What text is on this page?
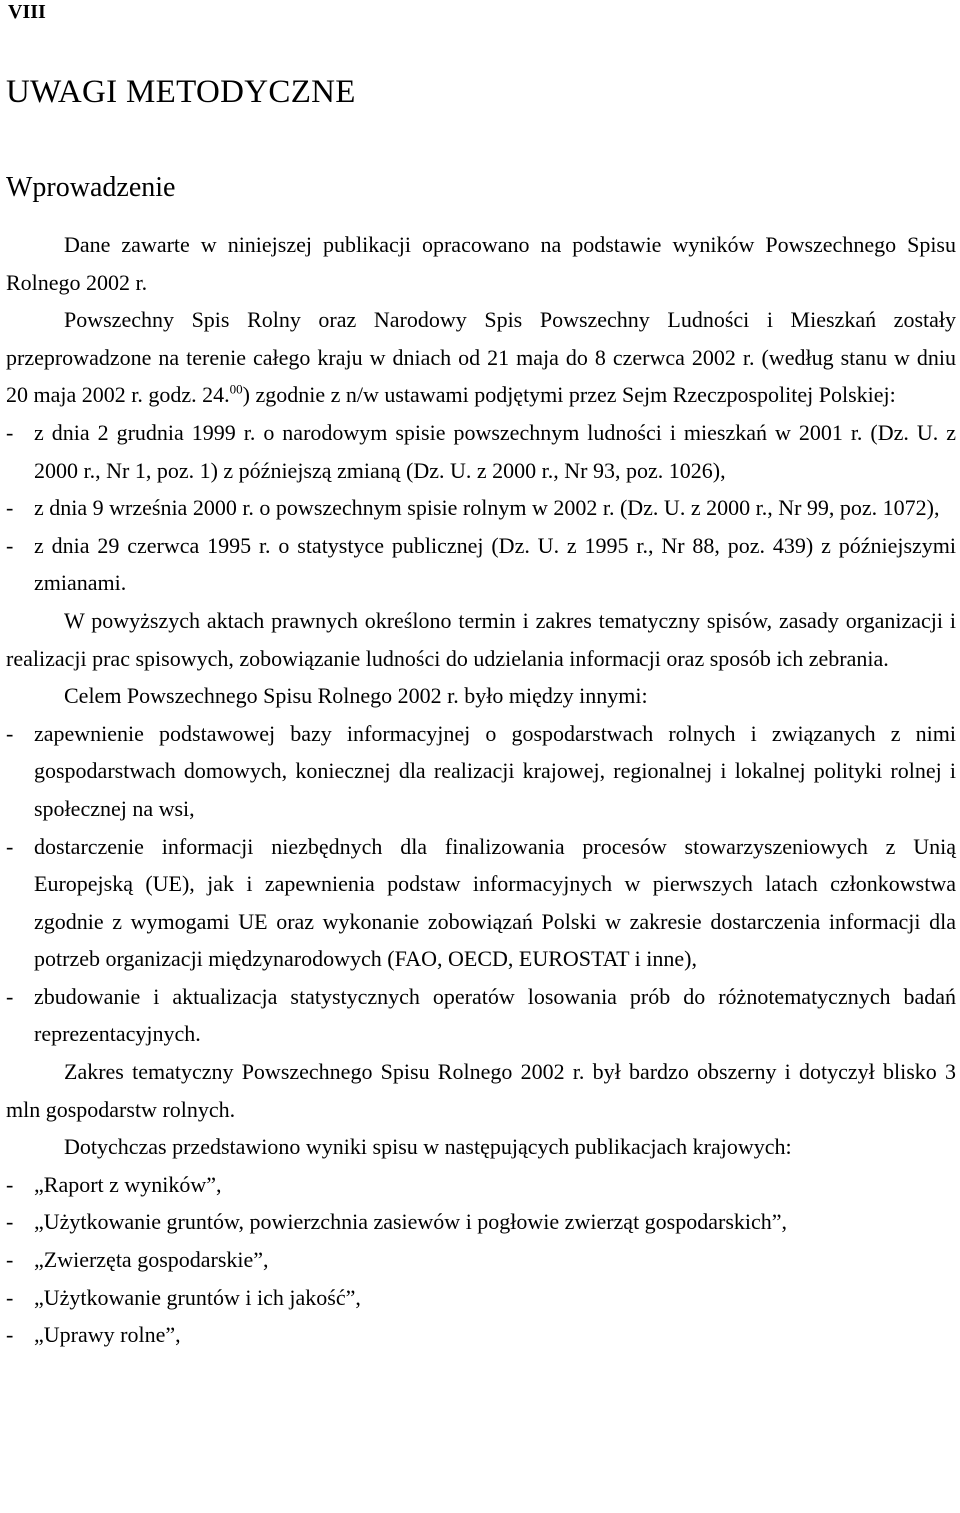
VIII
UWAGI METODYCZNE
Wprowadzenie

Dane zawarte w niniejszej publikacji opracowano na podstawie wyników Powszechnego Spisu Rolnego 2002 r.

Powszechny Spis Rolny oraz Narodowy Spis Powszechny Ludności i Mieszkań zostały przeprowadzone na terenie całego kraju w dniach od 21 maja do 8 czerwca 2002 r. (według stanu w dniu 20 maja 2002 r. godz. 24.00) zgodnie z n/w ustawami podjętymi przez Sejm Rzeczpospolitej Polskiej:

- z dnia 2 grudnia 1999 r. o narodowym spisie powszechnym ludności i mieszkań w 2001 r. (Dz. U. z 2000 r., Nr 1, poz. 1) z późniejszą zmianą (Dz. U. z 2000 r., Nr 93, poz. 1026),
- z dnia 9 września 2000 r. o powszechnym spisie rolnym w 2002 r. (Dz. U. z 2000 r., Nr 99, poz. 1072),
- z dnia 29 czerwca 1995 r. o statystyce publicznej (Dz. U. z 1995 r., Nr 88, poz. 439) z późniejszymi zmianami.

W powyższych aktach prawnych określono termin i zakres tematyczny spisów, zasady organizacji i realizacji prac spisowych, zobowiązanie ludności do udzielania informacji oraz sposób ich zebrania.

Celem Powszechnego Spisu Rolnego 2002 r. było między innymi:

- zapewnienie podstawowej bazy informacyjnej o gospodarstwach rolnych i związanych z nimi gospodarstwach domowych, koniecznej dla realizacji krajowej, regionalnej i lokalnej polityki rolnej i społecznej na wsi,
- dostarczenie informacji niezbędnych dla finalizowania procesów stowarzyszeniowych z Unią Europejską (UE), jak i zapewnienia podstaw informacyjnych w pierwszych latach członkowstwa zgodnie z wymogami UE oraz wykonanie zobowiązań Polski w zakresie dostarczenia informacji dla potrzeb organizacji międzynarodowych (FAO, OECD, EUROSTAT i inne),
- zbudowanie i aktualizacja statystycznych operatów losowania prób do różnotematycznych badań reprezentacyjnych.

Zakres tematyczny Powszechnego Spisu Rolnego 2002 r. był bardzo obszerny i dotyczył blisko 3 mln gospodarstw rolnych.

Dotychczas przedstawiono wyniki spisu w następujących publikacjach krajowych:

- „Raport z wyników”,
- „Użytkowanie gruntów, powierzchnia zasiewów i pogłowie zwierząt gospodarskich”,
- „Zwierzęta gospodarskie”,
- „Użytkowanie gruntów i ich jakość”,
- „Uprawy rolne”,
